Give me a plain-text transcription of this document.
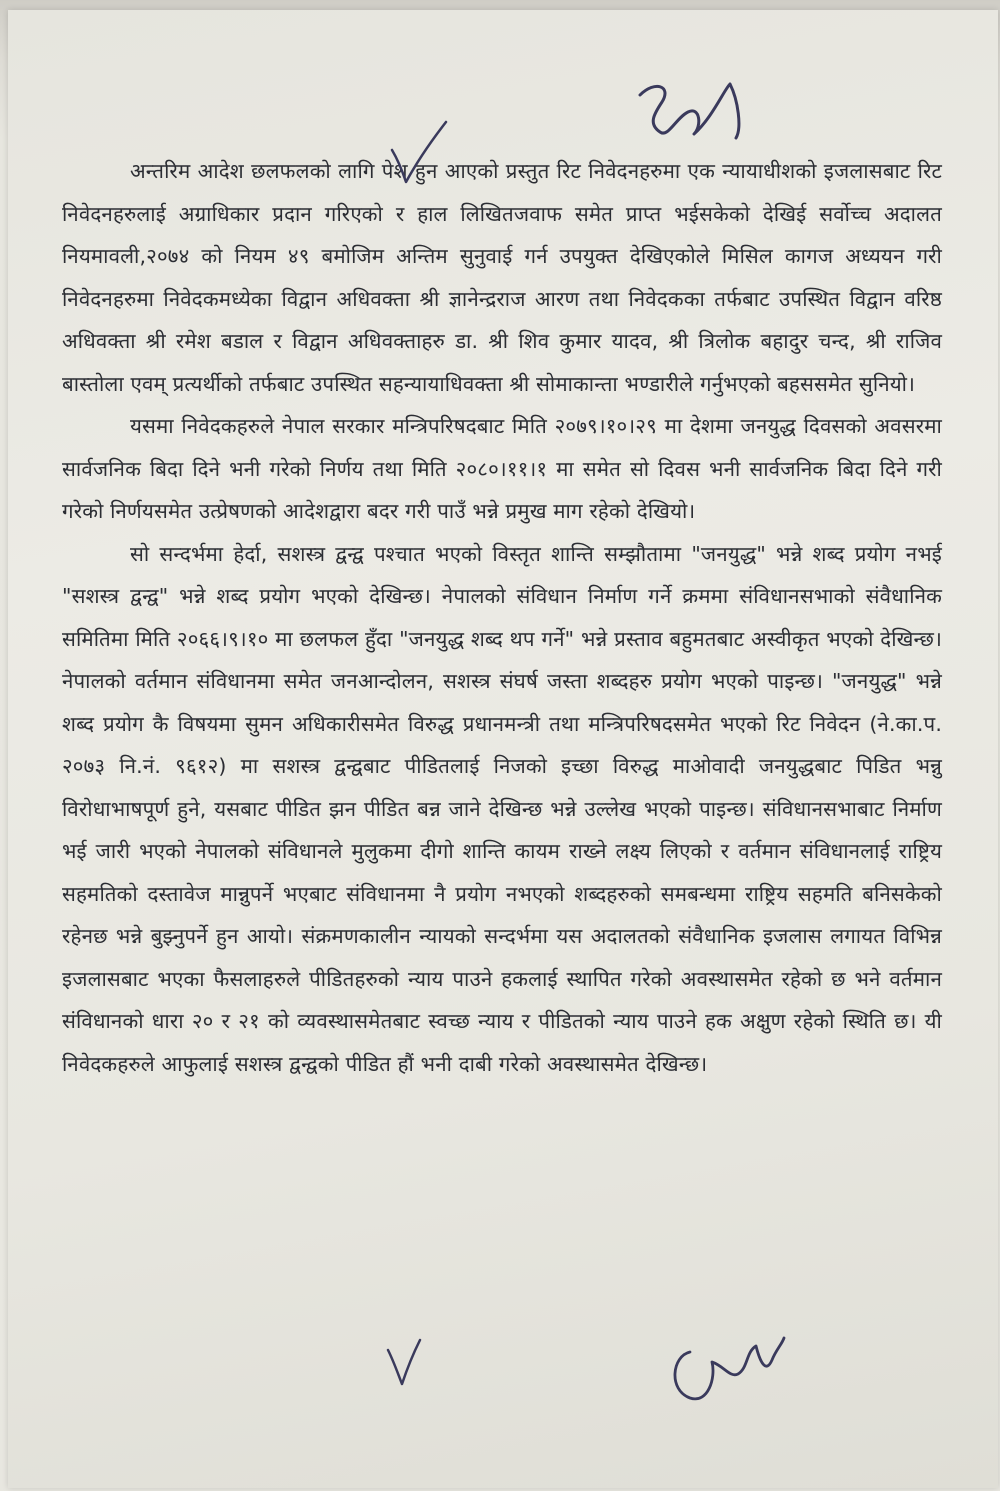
अन्तरिम आदेश छलफलको लागि पेश हुन आएको प्रस्तुत रिट निवेदनहरुमा एक न्यायाधीशको इजलासबाट रिट निवेदनहरुलाई अग्राधिकार प्रदान गरिएको र हाल लिखितजवाफ समेत प्राप्त भईसकेको देखिई सर्वोच्च अदालत नियमावली,२०७४ को नियम ४९ बमोजिम अन्तिम सुनुवाई गर्न उपयुक्त देखिएकोले मिसिल कागज अध्ययन गरी निवेदनहरुमा निवेदकमध्येका विद्वान अधिवक्ता श्री ज्ञानेन्द्रराज आरण तथा निवेदकका तर्फबाट उपस्थित विद्वान वरिष्ठ अधिवक्ता श्री रमेश बडाल र विद्वान अधिवक्ताहरु डा. श्री शिव कुमार यादव, श्री त्रिलोक बहादुर चन्द, श्री राजिव बास्तोला एवम् प्रत्यर्थीको तर्फबाट उपस्थित सहन्यायाधिवक्ता श्री सोमाकान्ता भण्डारीले गर्नुभएको बहससमेत सुनियो।

यसमा निवेदकहरुले नेपाल सरकार मन्त्रिपरिषदबाट मिति २०७९।१०।२९ मा देशमा जनयुद्ध दिवसको अवसरमा सार्वजनिक बिदा दिने भनी गरेको निर्णय तथा मिति २०८०।११।१ मा समेत सो दिवस भनी सार्वजनिक बिदा दिने गरी गरेको निर्णयसमेत उत्प्रेषणको आदेशद्वारा बदर गरी पाउँ भन्ने प्रमुख माग रहेको देखियो।

सो सन्दर्भमा हेर्दा, सशस्त्र द्वन्द्व पश्चात भएको विस्तृत शान्ति सम्झौतामा "जनयुद्ध" भन्ने शब्द प्रयोग नभई "सशस्त्र द्वन्द्व" भन्ने शब्द प्रयोग भएको देखिन्छ। नेपालको संविधान निर्माण गर्ने क्रममा संविधानसभाको संवैधानिक समितिमा मिति २०६६।९।१० मा छलफल हुँदा "जनयुद्ध शब्द थप गर्ने" भन्ने प्रस्ताव बहुमतबाट अस्वीकृत भएको देखिन्छ। नेपालको वर्तमान संविधानमा समेत जनआन्दोलन, सशस्त्र संघर्ष जस्ता शब्दहरु प्रयोग भएको पाइन्छ। "जनयुद्ध" भन्ने शब्द प्रयोग कै विषयमा सुमन अधिकारीसमेत विरुद्ध प्रधानमन्त्री तथा मन्त्रिपरिषदसमेत भएको रिट निवेदन (ने.का.प. २०७३ नि.नं. ९६१२) मा सशस्त्र द्वन्द्वबाट पीडितलाई निजको इच्छा विरुद्ध माओवादी जनयुद्धबाट पिडित भन्नु विरोधाभाषपूर्ण हुने, यसबाट पीडित झन पीडित बन्न जाने देखिन्छ भन्ने उल्लेख भएको पाइन्छ। संविधानसभाबाट निर्माण भई जारी भएको नेपालको संविधानले मुलुकमा दीगो शान्ति कायम राख्ने लक्ष्य लिएको र वर्तमान संविधानलाई राष्ट्रिय सहमतिको दस्तावेज मान्नुपर्ने भएबाट संविधानमा नै प्रयोग नभएको शब्दहरुको समबन्धमा राष्ट्रिय सहमति बनिसकेको रहेनछ भन्ने बुझ्नुपर्ने हुन आयो। संक्रमणकालीन न्यायको सन्दर्भमा यस अदालतको संवैधानिक इजलास लगायत विभिन्न इजलासबाट भएका फैसलाहरुले पीडितहरुको न्याय पाउने हकलाई स्थापित गरेको अवस्थासमेत रहेको छ भने वर्तमान संविधानको धारा २० र २१ को व्यवस्थासमेतबाट स्वच्छ न्याय र पीडितको न्याय पाउने हक अक्षुण रहेको स्थिति छ। यी निवेदकहरुले आफुलाई सशस्त्र द्वन्द्वको पीडित हौं भनी दाबी गरेको अवस्थासमेत देखिन्छ।
